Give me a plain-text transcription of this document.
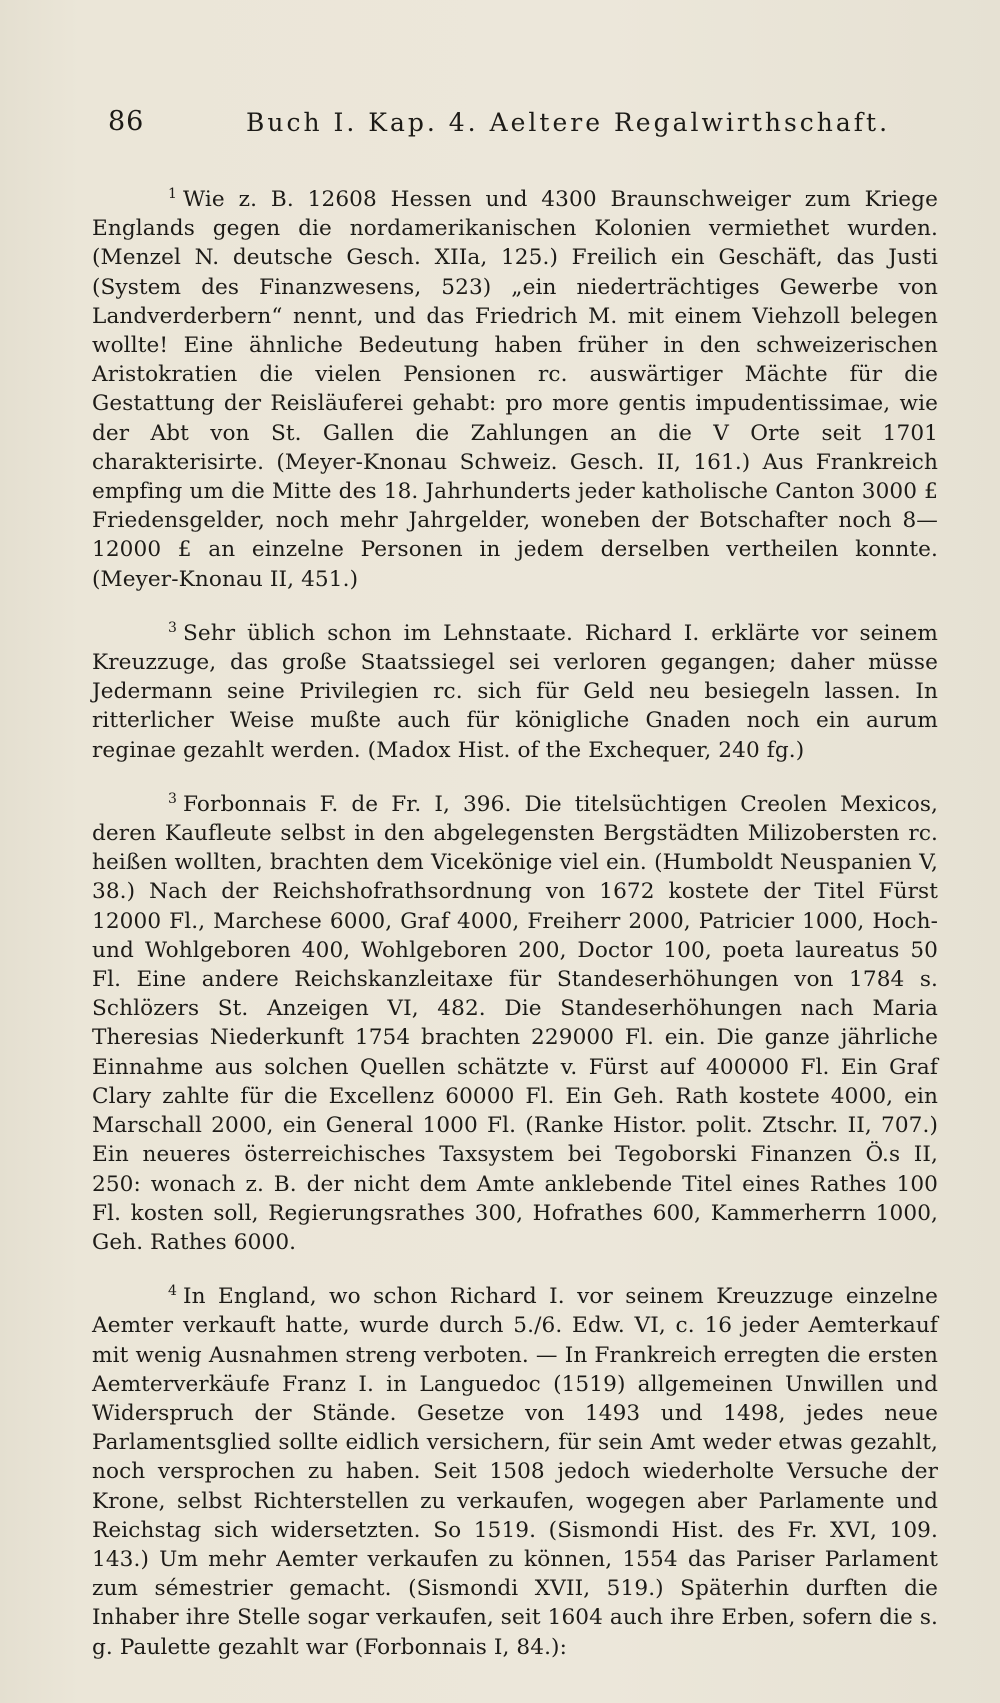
86	Buch I. Kap. 4. Aeltere Regalwirthschaft.

$^1$ Wie z. B. 12608 Hessen und 4300 Braunschweiger zum Kriege Englands gegen die nordamerikanischen Kolonien vermiethet wurden. (Menzel N. deutsche Gesch. XIIa, 125.) Freilich ein Geschäft, das Justi (System des Finanzwesens, 523) „ein niederträchtiges Gewerbe von Landverderbern“ nennt, und das Friedrich M. mit einem Viehzoll belegen wollte! Eine ähnliche Bedeutung haben früher in den schweizerischen Aristokratien die vielen Pensionen rc. auswärtiger Mächte für die Gestattung der Reisläuferei gehabt: pro more gentis impudentissimae, wie der Abt von St. Gallen die Zahlungen an die V Orte seit 1701 charakterisirte. (Meyer-Knonau Schweiz. Gesch. II, 161.) Aus Frankreich empfing um die Mitte des 18. Jahrhunderts jeder katholische Canton 3000 £ Friedensgelder, noch mehr Jahrgelder, woneben der Botschafter noch 8—12000 £ an einzelne Personen in jedem derselben vertheilen konnte. (Meyer-Knonau II, 451.)

$^3$ Sehr üblich schon im Lehnstaate. Richard I. erklärte vor seinem Kreuzzuge, das große Staatssiegel sei verloren gegangen; daher müsse Jedermann seine Privilegien rc. sich für Geld neu besiegeln lassen. In ritterlicher Weise mußte auch für königliche Gnaden noch ein aurum reginae gezahlt werden. (Madox Hist. of the Exchequer, 240 fg.)

$^3$ Forbonnais F. de Fr. I, 396. Die titelsüchtigen Creolen Mexicos, deren Kaufleute selbst in den abgelegensten Bergstädten Milizobersten rc. heißen wollten, brachten dem Vicekönige viel ein. (Humboldt Neuspanien V, 38.) Nach der Reichshofrathsordnung von 1672 kostete der Titel Fürst 12000 Fl., Marchese 6000, Graf 4000, Freiherr 2000, Patricier 1000, Hoch- und Wohlgeboren 400, Wohlgeboren 200, Doctor 100, poeta laureatus 50 Fl. Eine andere Reichskanzleitaxe für Standeserhöhungen von 1784 s. Schlözers St. Anzeigen VI, 482. Die Standeserhöhungen nach Maria Theresias Niederkunft 1754 brachten 229000 Fl. ein. Die ganze jährliche Einnahme aus solchen Quellen schätzte v. Fürst auf 400000 Fl. Ein Graf Clary zahlte für die Excellenz 60000 Fl. Ein Geh. Rath kostete 4000, ein Marschall 2000, ein General 1000 Fl. (Ranke Histor. polit. Ztschr. II, 707.) Ein neueres österreichisches Taxsystem bei Tegoborski Finanzen Ö.s II, 250: wonach z. B. der nicht dem Amte anklebende Titel eines Rathes 100 Fl. kosten soll, Regierungsrathes 300, Hofrathes 600, Kammerherrn 1000, Geh. Rathes 6000.

$^4$ In England, wo schon Richard I. vor seinem Kreuzzuge einzelne Aemter verkauft hatte, wurde durch 5./6. Edw. VI, c. 16 jeder Aemterkauf mit wenig Ausnahmen streng verboten. — In Frankreich erregten die ersten Aemterverkäufe Franz I. in Languedoc (1519) allgemeinen Unwillen und Widerspruch der Stände. Gesetze von 1493 und 1498, jedes neue Parlamentsglied sollte eidlich versichern, für sein Amt weder etwas gezahlt, noch versprochen zu haben. Seit 1508 jedoch wiederholte Versuche der Krone, selbst Richterstellen zu verkaufen, wogegen aber Parlamente und Reichstag sich widersetzten. So 1519. (Sismondi Hist. des Fr. XVI, 109. 143.) Um mehr Aemter verkaufen zu können, 1554 das Pariser Parlament zum sémestrier gemacht. (Sismondi XVII, 519.) Späterhin durften die Inhaber ihre Stelle sogar verkaufen, seit 1604 auch ihre Erben, sofern die s. g. Paulette gezahlt war (Forbonnais I, 84.):
